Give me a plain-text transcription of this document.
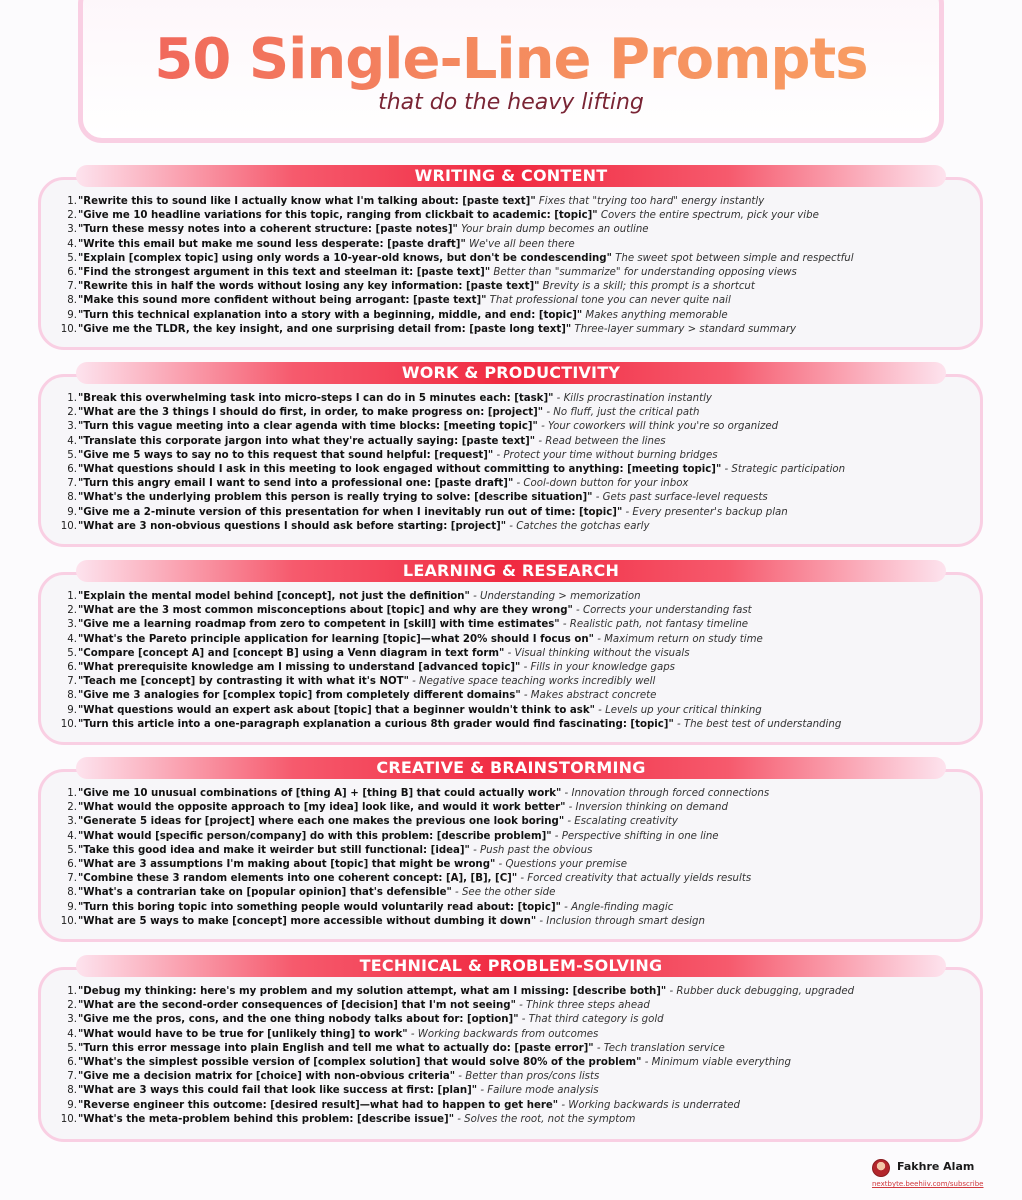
50 Single-Line Prompts
that do the heavy lifting
WRITING & CONTENT
1. "Rewrite this to sound like I actually know what I'm talking about: [paste text]" Fixes that "trying too hard" energy instantly
2. "Give me 10 headline variations for this topic, ranging from clickbait to academic: [topic]" Covers the entire spectrum, pick your vibe
3. "Turn these messy notes into a coherent structure: [paste notes]" Your brain dump becomes an outline
4. "Write this email but make me sound less desperate: [paste draft]" We've all been there
5. "Explain [complex topic] using only words a 10-year-old knows, but don't be condescending" The sweet spot between simple and respectful
6. "Find the strongest argument in this text and steelman it: [paste text]" Better than "summarize" for understanding opposing views
7. "Rewrite this in half the words without losing any key information: [paste text]" Brevity is a skill; this prompt is a shortcut
8. "Make this sound more confident without being arrogant: [paste text]" That professional tone you can never quite nail
9. "Turn this technical explanation into a story with a beginning, middle, and end: [topic]" Makes anything memorable
10. "Give me the TLDR, the key insight, and one surprising detail from: [paste long text]" Three-layer summary > standard summary
WORK & PRODUCTIVITY
1. "Break this overwhelming task into micro-steps I can do in 5 minutes each: [task]" - Kills procrastination instantly
2. "What are the 3 things I should do first, in order, to make progress on: [project]" - No fluff, just the critical path
3. "Turn this vague meeting into a clear agenda with time blocks: [meeting topic]" - Your coworkers will think you're so organized
4. "Translate this corporate jargon into what they're actually saying: [paste text]" - Read between the lines
5. "Give me 5 ways to say no to this request that sound helpful: [request]" - Protect your time without burning bridges
6. "What questions should I ask in this meeting to look engaged without committing to anything: [meeting topic]" - Strategic participation
7. "Turn this angry email I want to send into a professional one: [paste draft]" - Cool-down button for your inbox
8. "What's the underlying problem this person is really trying to solve: [describe situation]" - Gets past surface-level requests
9. "Give me a 2-minute version of this presentation for when I inevitably run out of time: [topic]" - Every presenter's backup plan
10. "What are 3 non-obvious questions I should ask before starting: [project]" - Catches the gotchas early
LEARNING & RESEARCH
1. "Explain the mental model behind [concept], not just the definition" - Understanding > memorization
2. "What are the 3 most common misconceptions about [topic] and why are they wrong" - Corrects your understanding fast
3. "Give me a learning roadmap from zero to competent in [skill] with time estimates" - Realistic path, not fantasy timeline
4. "What's the Pareto principle application for learning [topic]—what 20% should I focus on" - Maximum return on study time
5. "Compare [concept A] and [concept B] using a Venn diagram in text form" - Visual thinking without the visuals
6. "What prerequisite knowledge am I missing to understand [advanced topic]" - Fills in your knowledge gaps
7. "Teach me [concept] by contrasting it with what it's NOT" - Negative space teaching works incredibly well
8. "Give me 3 analogies for [complex topic] from completely different domains" - Makes abstract concrete
9. "What questions would an expert ask about [topic] that a beginner wouldn't think to ask" - Levels up your critical thinking
10. "Turn this article into a one-paragraph explanation a curious 8th grader would find fascinating: [topic]" - The best test of understanding
CREATIVE & BRAINSTORMING
1. "Give me 10 unusual combinations of [thing A] + [thing B] that could actually work" - Innovation through forced connections
2. "What would the opposite approach to [my idea] look like, and would it work better" - Inversion thinking on demand
3. "Generate 5 ideas for [project] where each one makes the previous one look boring" - Escalating creativity
4. "What would [specific person/company] do with this problem: [describe problem]" - Perspective shifting in one line
5. "Take this good idea and make it weirder but still functional: [idea]" - Push past the obvious
6. "What are 3 assumptions I'm making about [topic] that might be wrong" - Questions your premise
7. "Combine these 3 random elements into one coherent concept: [A], [B], [C]" - Forced creativity that actually yields results
8. "What's a contrarian take on [popular opinion] that's defensible" - See the other side
9. "Turn this boring topic into something people would voluntarily read about: [topic]" - Angle-finding magic
10. "What are 5 ways to make [concept] more accessible without dumbing it down" - Inclusion through smart design
TECHNICAL & PROBLEM-SOLVING
1. "Debug my thinking: here's my problem and my solution attempt, what am I missing: [describe both]" - Rubber duck debugging, upgraded
2. "What are the second-order consequences of [decision] that I'm not seeing" - Think three steps ahead
3. "Give me the pros, cons, and the one thing nobody talks about for: [option]" - That third category is gold
4. "What would have to be true for [unlikely thing] to work" - Working backwards from outcomes
5. "Turn this error message into plain English and tell me what to actually do: [paste error]" - Tech translation service
6. "What's the simplest possible version of [complex solution] that would solve 80% of the problem" - Minimum viable everything
7. "Give me a decision matrix for [choice] with non-obvious criteria" - Better than pros/cons lists
8. "What are 3 ways this could fail that look like success at first: [plan]" - Failure mode analysis
9. "Reverse engineer this outcome: [desired result]—what had to happen to get here" - Working backwards is underrated
10. "What's the meta-problem behind this problem: [describe issue]" - Solves the root, not the symptom
Fakhre Alam
nextbyte.beehiiv.com/subscribe
